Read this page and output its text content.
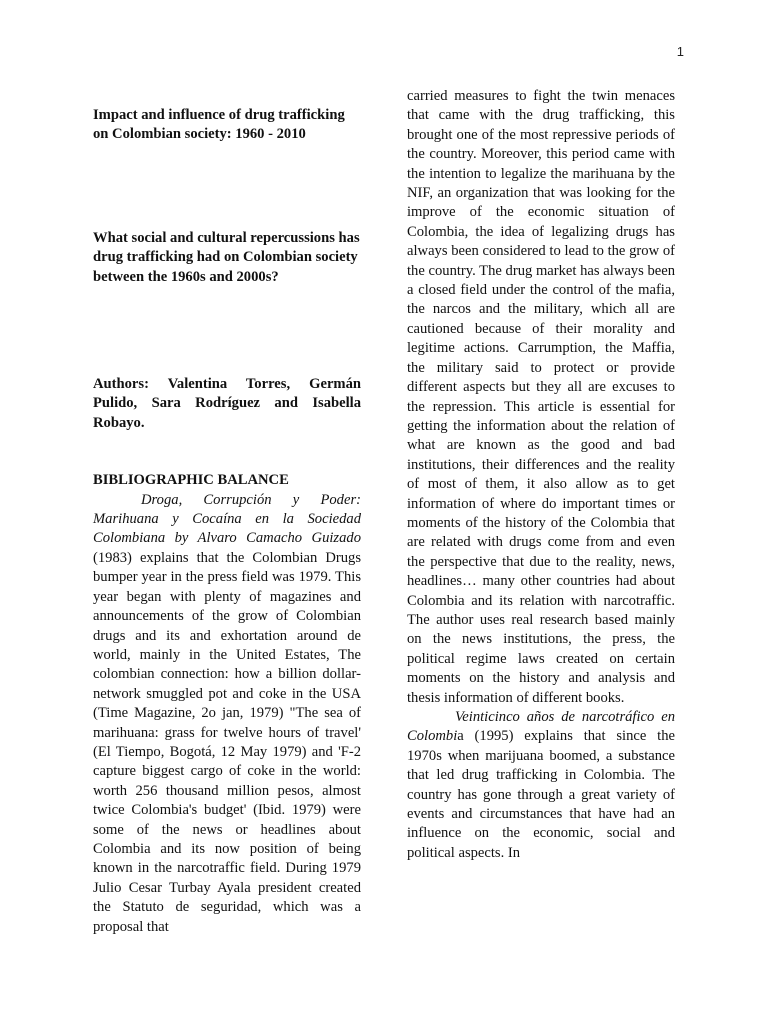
1

Impact and influence of drug trafficking on Colombian society: 1960 - 2010

What social and cultural repercussions has drug trafficking had on Colombian society between the 1960s and 2000s?

Authors: Valentina Torres, Germán Pulido, Sara Rodríguez and Isabella Robayo.

BIBLIOGRAPHIC BALANCE

Droga, Corrupción y Poder: Marihuana y Cocaína en la Sociedad Colombiana by Alvaro Camacho Guizado (1983) explains that the Colombian Drugs bumper year in the press field was 1979. This year began with plenty of magazines and announcements of the grow of Colombian drugs and its and exhortation around de world, mainly in the United Estates, The colombian connection: how a billion dollar-network smuggled pot and coke in the USA (Time Magazine, 2o jan, 1979) "The sea of marihuana: grass for twelve hours of travel' (El Tiempo, Bogotá, 12 May 1979) and 'F-2 capture biggest cargo of coke in the world: worth 256 thousand million pesos, almost twice Colombia's budget' (Ibid. 1979) were some of the news or headlines about Colombia and its now position of being known in the narcotraffic field. During 1979 Julio Cesar Turbay Ayala president created the Statuto de seguridad, which was a proposal that

carried measures to fight the twin menaces that came with the drug trafficking, this brought one of the most repressive periods of the country. Moreover, this period came with the intention to legalize the marihuana by the NIF, an organization that was looking for the improve of the economic situation of Colombia, the idea of legalizing drugs has always been considered to lead to the grow of the country. The drug market has always been a closed field under the control of the mafia, the narcos and the military, which all are cautioned because of their morality and legitime actions. Carrumption, the Maffia, the military said to protect or provide different aspects but they all are excuses to the repression. This article is essential for getting the information about the relation of what are known as the good and bad institutions, their differences and the reality of most of them, it also allow as to get information of where do important times or moments of the history of the Colombia that are related with drugs come from and even the perspective that due to the reality, news, headlines… many other countries had about Colombia and its relation with narcotraffic. The author uses real research based mainly on the news institutions, the press, the political regime laws created on certain moments on the history and analysis and thesis information of different books.

Veinticinco años de narcotráfico en Colombia (1995) explains that since the 1970s when marijuana boomed, a substance that led drug trafficking in Colombia. The country has gone through a great variety of events and circumstances that have had an influence on the economic, social and political aspects. In
